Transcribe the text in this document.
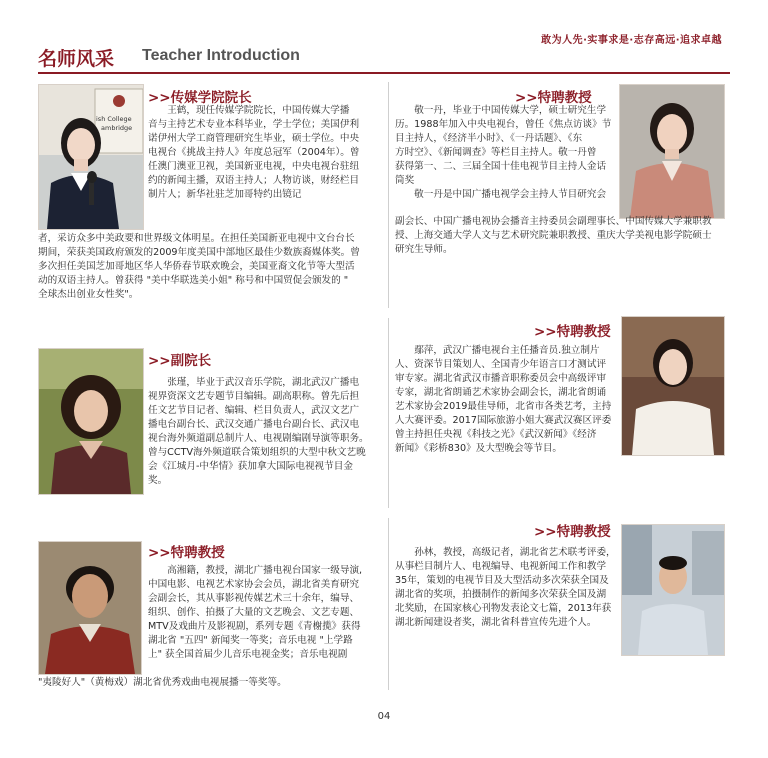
敢为人先·实事求是·志存高远·追求卓越
名师风采 Teacher Introduction
ish College
ambridge
>>传媒学院院长
王鹤，现任传媒学院院长，中国传媒大学播
音与主持艺术专业本科毕业，学士学位；美国伊利
诺伊州大学工商管理研究生毕业，硕士学位。中央
电视台《挑战主持人》年度总冠军（2004年）。曾
任澳门澳亚卫视，美国新亚电视，中央电视台驻纽
约的新闻主播，双语主持人；人物访谈，财经栏目
制片人；新华社驻芝加哥特约出镜记
者，采访众多中美政要和世界级文体明星。在担任美国新亚电视中文台台长
期间，荣获美国政府颁发的2009年度美国中部地区最佳少数族裔媒体奖。曾
多次担任美国芝加哥地区华人华侨春节联欢晚会，美国亚裔文化节等大型活
动的双语主持人。曾获得 "美中华联选美小姐" 称号和中国贸促会颁发的 "
全球杰出创业女性奖"。
>>特聘教授
敬一丹，毕业于中国传媒大学，硕士研究生学
历。1988年加入中央电视台，曾任《焦点访谈》节
目主持人，《经济半小时》、《一丹话题》、《东
方时空》、《新闻调查》等栏目主持人。敬一丹曾
获得第一、二、三届全国十佳电视节目主持人金话
筒奖
　　敬一丹是中国广播电视学会主持人节目研究会
副会长、中国广播电视协会播音主持委员会副理事长、中国传媒大学兼职教
授、上海交通大学人文与艺术研究院兼职教授、重庆大学美视电影学院硕士
研究生导师。
>>副院长
张瑾，毕业于武汉音乐学院，湖北武汉广播电
视界资深文艺专题节目编辑。副高职称。曾先后担
任文艺节目记者、编辑、栏目负责人，武汉文艺广
播电台副台长、武汉交通广播电台副台长、武汉电
视台海外频道副总制片人、电视剧编剧导演等职务。
曾与CCTV海外频道联合策划组织的大型中秋文艺晚
会《江城月-中华情》获加拿大国际电视视节目金
奖。
>>特聘教授
鄢萍，武汉广播电视台主任播音员.独立制片
人、资深节目策划人、全国青少年语言口才测试评
审专家。湖北省武汉市播音职称委员会中高级评审
专家，湖北省朗诵艺术家协会副会长，湖北省朗诵
艺术家协会2019最佳导师，北省市各类艺考，主持
人大赛评委。2017国际旅游小姐大赛武汉赛区评委
曾主持担任央视《科技之光》《武汉新闻》《经济
新闻》《彩桥830》及大型晚会等节目。
>>特聘教授
高湘籍，教授，湖北广播电视台国家一级导演,
中国电影、电视艺术家协会会员，湖北省美育研究
会副会长，其从事影视传媒艺术三十余年，编导、
组织、创作、拍摄了大量的文艺晚会、文艺专题、
MTV及戏曲片及影视剧，系列专题《青榭揽》获得
湖北省 "五四" 新闻奖一等奖；音乐电视 "上学路
上" 获全国首届少儿音乐电视金奖；音乐电视剧
"夷陵好人"（黄梅戏）湖北省优秀戏曲电视展播一等奖等。
>>特聘教授
孙林，教授，高级记者，湖北省艺术联考评委，
从事栏目制片人、电视编导、电视新闻工作和教学
35年，策划的电视节目及大型活动多次荣获全国及
湖北省的奖项，拍摄制作的新闻多次荣获全国及湖
北奖励，在国家核心刊物发表论文七篇，2013年获
湖北新闻建设者奖，湖北省科普宣传先进个人。
04
